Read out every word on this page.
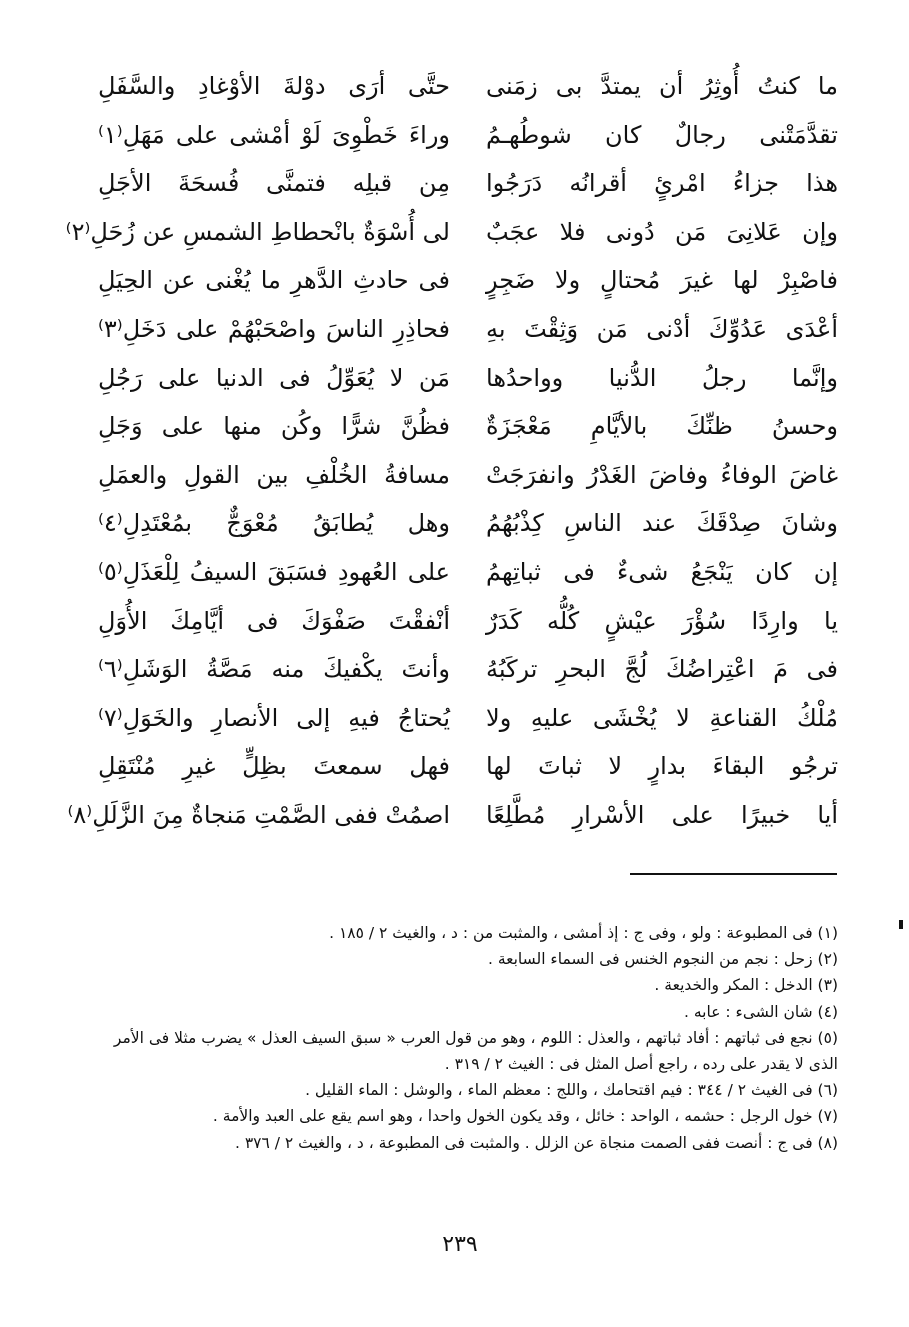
ما كنتُ أُوثِرُ أن يمتدَّ بى زمَنى
تقدَّمَتْنى رجالٌ كان شوطُهـمُ
هذا جزاءُ امْرئٍ أقرانُه دَرَجُوا
وإن عَلانِىَ مَن دُونى فلا عجَبٌ
فاصْبِرْ لها غيرَ مُحتالٍ ولا ضَجِرٍ
أعْدَى عَدُوِّكَ أدْنى مَن وَثِقْتَ بهِ
وإنَّما رجلُ الدُّنيا وواحدُها
وحسنُ ظنِّكَ بالأيَّامِ مَعْجَزَةٌ
غاضَ الوفاءُ وفاضَ الغَدْرُ وانفرَجَتْ
وشانَ صِدْقَكَ عند الناسِ كِذْبُهُمُ
إن كان يَنْجَعُ شىءٌ فى ثباتِهمُ
يا وارِدًا سُؤْرَ عيْشٍ كُلُّه كَدَرٌ
فى مَ اعْتِراضُكَ لُجَّ البحرِ تركَبُهُ
مُلْكُ القناعةِ لا يُخْشَى عليهِ ولا
ترجُو البقاءَ بدارٍ لا ثباتَ لها
أيا خبيرًا على الأسْرارِ مُطَّلِعًا
حتَّى أرَى دوْلةَ الأوْغادِ والسَّفَلِ
وراءَ خَطْوِىَ لَوْ أمْشى على مَهَلِ⁽١⁾
مِن قبلِه فتمنَّى فُسحَةَ الأجَلِ
لى أُسْوَةٌ بانْحطاطِ الشمسِ عن زُحَلِ⁽٢⁾
فى حادثِ الدَّهرِ ما يُغْنى عن الحِيَلِ
فحاذِرِ الناسَ واصْحَبْهُمْ على دَخَلِ⁽٣⁾
مَن لا يُعَوِّلُ فى الدنيا على رَجُلِ
فظُنَّ شرًّا وكُن منها على وَجَلِ
مسافةُ الخُلْفِ بين القولِ والعمَلِ
وهل يُطابَقُ مُعْوَجٌّ بمُعْتَدِلِ⁽٤⁾
على العُهودِ فسَبَقَ السيفُ لِلْعَذَلِ⁽٥⁾
أنْفقْتَ صَفْوَكَ فى أيَّامِكَ الأُوَلِ
وأنتَ يكْفيكَ منه مَصَّةُ الوَشَلِ⁽٦⁾
يُحتاجُ فيهِ إلى الأنصارِ والخَوَلِ⁽٧⁾
فهل سمعتَ بظِلٍّ غيرِ مُنْتَقِلِ
اصمُتْ ففى الصَّمْتِ مَنجاةٌ مِنَ الزَّلَلِ⁽٨⁾

(١) فى المطبوعة : ولو ، وفى ج : إذ أمشى ، والمثبت من : د ، والغيث ٢ / ١٨٥ .

(٢) زحل : نجم من النجوم الخنس فى السماء السابعة .

(٣) الدخل : المكر والخديعة .

(٤) شان الشىء : عابه .

(٥) نجع فى ثباتهم : أفاد ثباتهم ، والعذل : اللوم ، وهو من قول العرب « سبق السيف العذل » يضرب مثلا فى الأمر الذى لا يقدر على رده ، راجع أصل المثل فى : الغيث ٢ / ٣١٩ .

(٦) فى الغيث ٢ / ٣٤٤ : فيم اقتحامك ، واللج : معظم الماء ، والوشل : الماء القليل .

(٧) خول الرجل : حشمه ، الواحد : خائل ، وقد يكون الخول واحدا ، وهو اسم يقع على العبد والأمة .

(٨) فى ج : أنصت ففى الصمت منجاة عن الزلل . والمثبت فى المطبوعة ، د ، والغيث ٢ / ٣٧٦ .

٢٣٩
